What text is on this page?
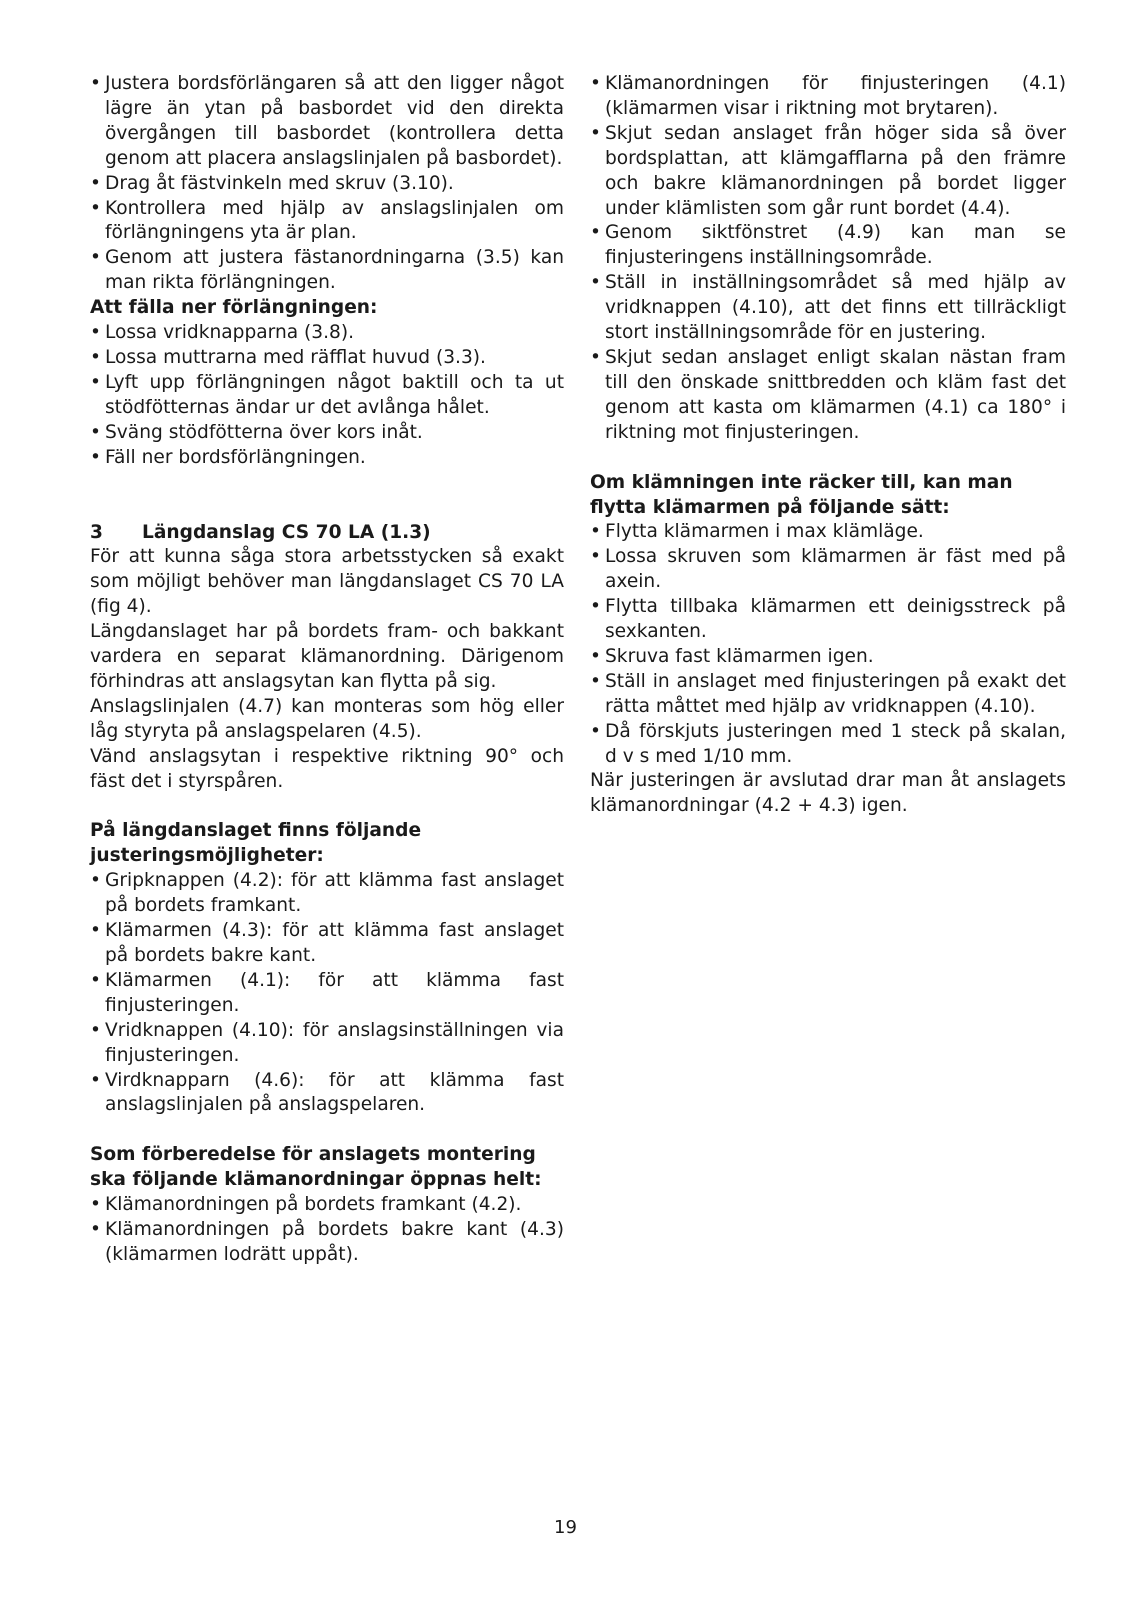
• Justera bordsförlängaren så att den ligger något lägre än ytan på basbordet vid den direkta övergången till basbordet (kontrollera detta genom att placera anslagslinjalen på basbordet).
• Drag åt fästvinkeln med skruv (3.10).
• Kontrollera med hjälp av anslagslinjalen om förlängningens yta är plan.
• Genom att justera fästanordningarna (3.5) kan man rikta förlängningen.
Att fälla ner förlängningen:
• Lossa vridknapparna (3.8).
• Lossa muttrarna med räfflat huvud (3.3).
• Lyft upp förlängningen något baktill och ta ut stödfötternas ändar ur det avlånga hålet.
• Sväng stödfötterna över kors inåt.
• Fäll ner bordsförlängningen.
3	Längdanslag CS 70 LA (1.3)
För att kunna såga stora arbetsstycken så exakt som möjligt behöver man längdanslaget CS 70 LA (fig 4).
Längdanslaget har på bordets fram- och bakkant vardera en separat klämanordning. Därigenom förhindras att anslagsytan kan flytta på sig.
Anslagslinjalen (4.7) kan monteras som hög eller låg styryta på anslagspelaren (4.5).
Vänd anslagsytan i respektive riktning 90° och fäst det i styrspåren.
På längdanslaget finns följande justeringsmöjligheter:
• Gripknappen (4.2): för att klämma fast anslaget på bordets framkant.
• Klämarmen (4.3): för att klämma fast anslaget på bordets bakre kant.
• Klämarmen (4.1): för att klämma fast finjusteringen.
• Vridknappen (4.10): för anslagsinställningen via finjusteringen.
• Virdknapparn (4.6): för att klämma fast anslagslinjalen på anslagspelaren.
Som förberedelse för anslagets montering ska följande klämanordningar öppnas helt:
• Klämanordningen på bordets framkant (4.2).
• Klämanordningen på bordets bakre kant (4.3) (klämarmen lodrätt uppåt).
• Klämanordningen för finjusteringen (4.1) (klämarmen visar i riktning mot brytaren).
• Skjut sedan anslaget från höger sida så över bordsplattan, att klämgafflarna på den främre och bakre klämanordningen på bordet ligger under klämlisten som går runt bordet (4.4).
• Genom siktfönstret (4.9) kan man se finjusteringens inställningsområde.
• Ställ in inställningsområdet så med hjälp av vridknappen (4.10), att det finns ett tillräckligt stort inställningsområde för en justering.
• Skjut sedan anslaget enligt skalan nästan fram till den önskade snittbredden och kläm fast det genom att kasta om klämarmen (4.1) ca 180° i riktning mot finjusteringen.
Om klämningen inte räcker till, kan man flytta klämarmen på följande sätt:
• Flytta klämarmen i max klämläge.
• Lossa skruven som klämarmen är fäst med på axein.
• Flytta tillbaka klämarmen ett deinigsstreck på sexkanten.
• Skruva fast klämarmen igen.
• Ställ in anslaget med finjusteringen på exakt det rätta måttet med hjälp av vridknappen (4.10).
• Då förskjuts justeringen med 1 steck på skalan, d v s med 1/10 mm.
När justeringen är avslutad drar man åt anslagets klämanordningar (4.2 + 4.3) igen.
19
